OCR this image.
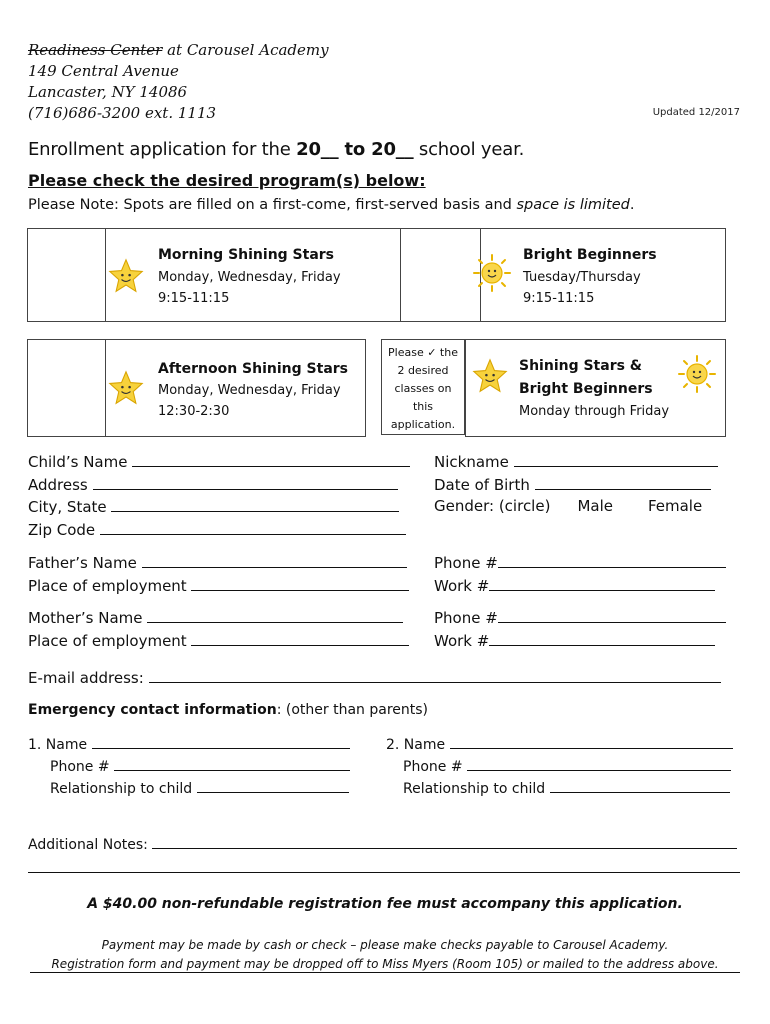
Readiness Center at Carousel Academy
149 Central Avenue
Lancaster, NY 14086
(716)686-3200 ext. 1113	Updated 12/2017
Enrollment application for the 20__ to 20__ school year.
Please check the desired program(s) below:
Please Note: Spots are filled on a first-come, first-served basis and space is limited.
Morning Shining Stars
Monday, Wednesday, Friday
9:15-11:15
Bright Beginners
Tuesday/Thursday
9:15-11:15
Afternoon Shining Stars
Monday, Wednesday, Friday
12:30-2:30
Please ✓ the
2 desired
classes on
this
application.
Shining Stars &
Bright Beginners
Monday through Friday
Child’s Name
Address
City, State
Zip Code
Nickname
Date of Birth
Gender: (circle) Male Female
Father’s Name
Place of employment
Phone #
Work #
Mother’s Name
Place of employment
Phone #
Work #
E-mail address:
Emergency contact information: (other than parents)
1. Name
Phone #
Relationship to child
2. Name
Phone #
Relationship to child
Additional Notes:
A $40.00 non-refundable registration fee must accompany this application.
Payment may be made by cash or check – please make checks payable to Carousel Academy.
Registration form and payment may be dropped off to Miss Myers (Room 105) or mailed to the address above.
